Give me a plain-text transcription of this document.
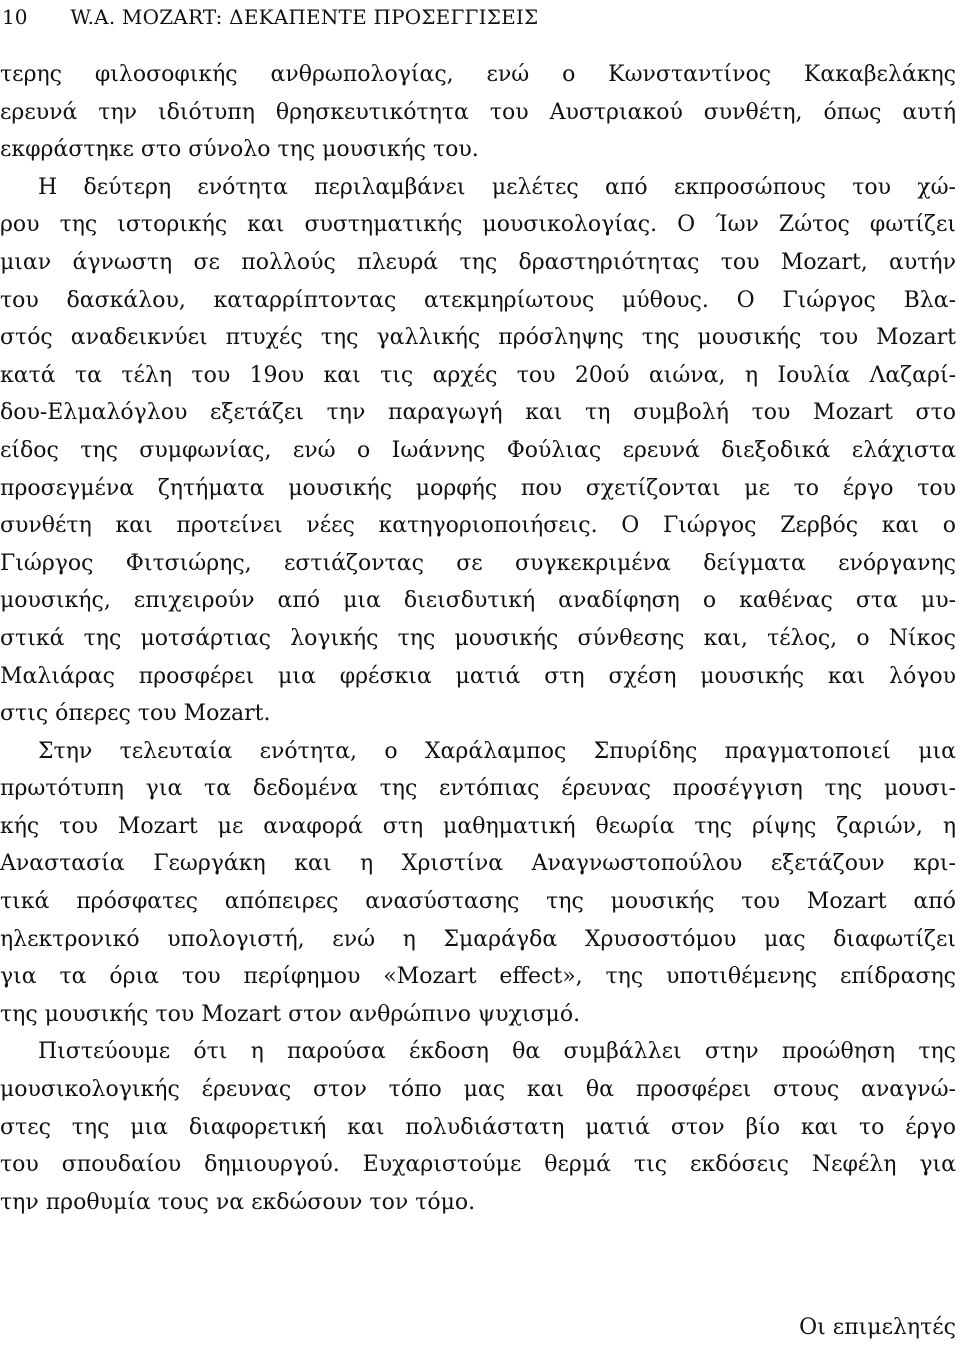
10 W.A. MOZART: ΔΕΚΑΠΕΝΤΕ ΠΡΟΣΕΓΓΙΣΕΙΣ
τερης φιλοσοφικής ανθρωπολογίας, ενώ ο Κωνσταντίνος Κακαβελάκης
ερευνά την ιδιότυπη θρησκευτικότητα του Αυστριακού συνθέτη, όπως αυτή
εκφράστηκε στο σύνολο της μουσικής του.
Η δεύτερη ενότητα περιλαμβάνει μελέτες από εκπροσώπους του χώ-
ρου της ιστορικής και συστηματικής μουσικολογίας. Ο Ίων Ζώτος φωτίζει
μιαν άγνωστη σε πολλούς πλευρά της δραστηριότητας του Mozart, αυτήν
του δασκάλου, καταρρίπτοντας ατεκμηρίωτους μύθους. Ο Γιώργος Βλα-
στός αναδεικνύει πτυχές της γαλλικής πρόσληψης της μουσικής του Mozart
κατά τα τέλη του 19ου και τις αρχές του 20ού αιώνα, η Ιουλία Λαζαρί-
δου-Ελμαλόγλου εξετάζει την παραγωγή και τη συμβολή του Mozart στο
είδος της συμφωνίας, ενώ ο Ιωάννης Φούλιας ερευνά διεξοδικά ελάχιστα
προσεγμένα ζητήματα μουσικής μορφής που σχετίζονται με το έργο του
συνθέτη και προτείνει νέες κατηγοριοποιήσεις. Ο Γιώργος Ζερβός και ο
Γιώργος Φιτσιώρης, εστιάζοντας σε συγκεκριμένα δείγματα ενόργανης
μουσικής, επιχειρούν από μια διεισδυτική αναδίφηση ο καθένας στα μυ-
στικά της μοτσάρτιας λογικής της μουσικής σύνθεσης και, τέλος, ο Νίκος
Μαλιάρας προσφέρει μια φρέσκια ματιά στη σχέση μουσικής και λόγου
στις όπερες του Mozart.
Στην τελευταία ενότητα, ο Χαράλαμπος Σπυρίδης πραγματοποιεί μια
πρωτότυπη για τα δεδομένα της εντόπιας έρευνας προσέγγιση της μουσι-
κής του Mozart με αναφορά στη μαθηματική θεωρία της ρίψης ζαριών, η
Αναστασία Γεωργάκη και η Χριστίνα Αναγνωστοπούλου εξετάζουν κρι-
τικά πρόσφατες απόπειρες ανασύστασης της μουσικής του Mozart από
ηλεκτρονικό υπολογιστή, ενώ η Σμαράγδα Χρυσοστόμου μας διαφωτίζει
για τα όρια του περίφημου «Mozart effect», της υποτιθέμενης επίδρασης
της μουσικής του Mozart στον ανθρώπινο ψυχισμό.
Πιστεύουμε ότι η παρούσα έκδοση θα συμβάλλει στην προώθηση της
μουσικολογικής έρευνας στον τόπο μας και θα προσφέρει στους αναγνώ-
στες της μια διαφορετική και πολυδιάστατη ματιά στον βίο και το έργο
του σπουδαίου δημιουργού. Ευχαριστούμε θερμά τις εκδόσεις Νεφέλη για
την προθυμία τους να εκδώσουν τον τόμο.
Οι επιμελητές
